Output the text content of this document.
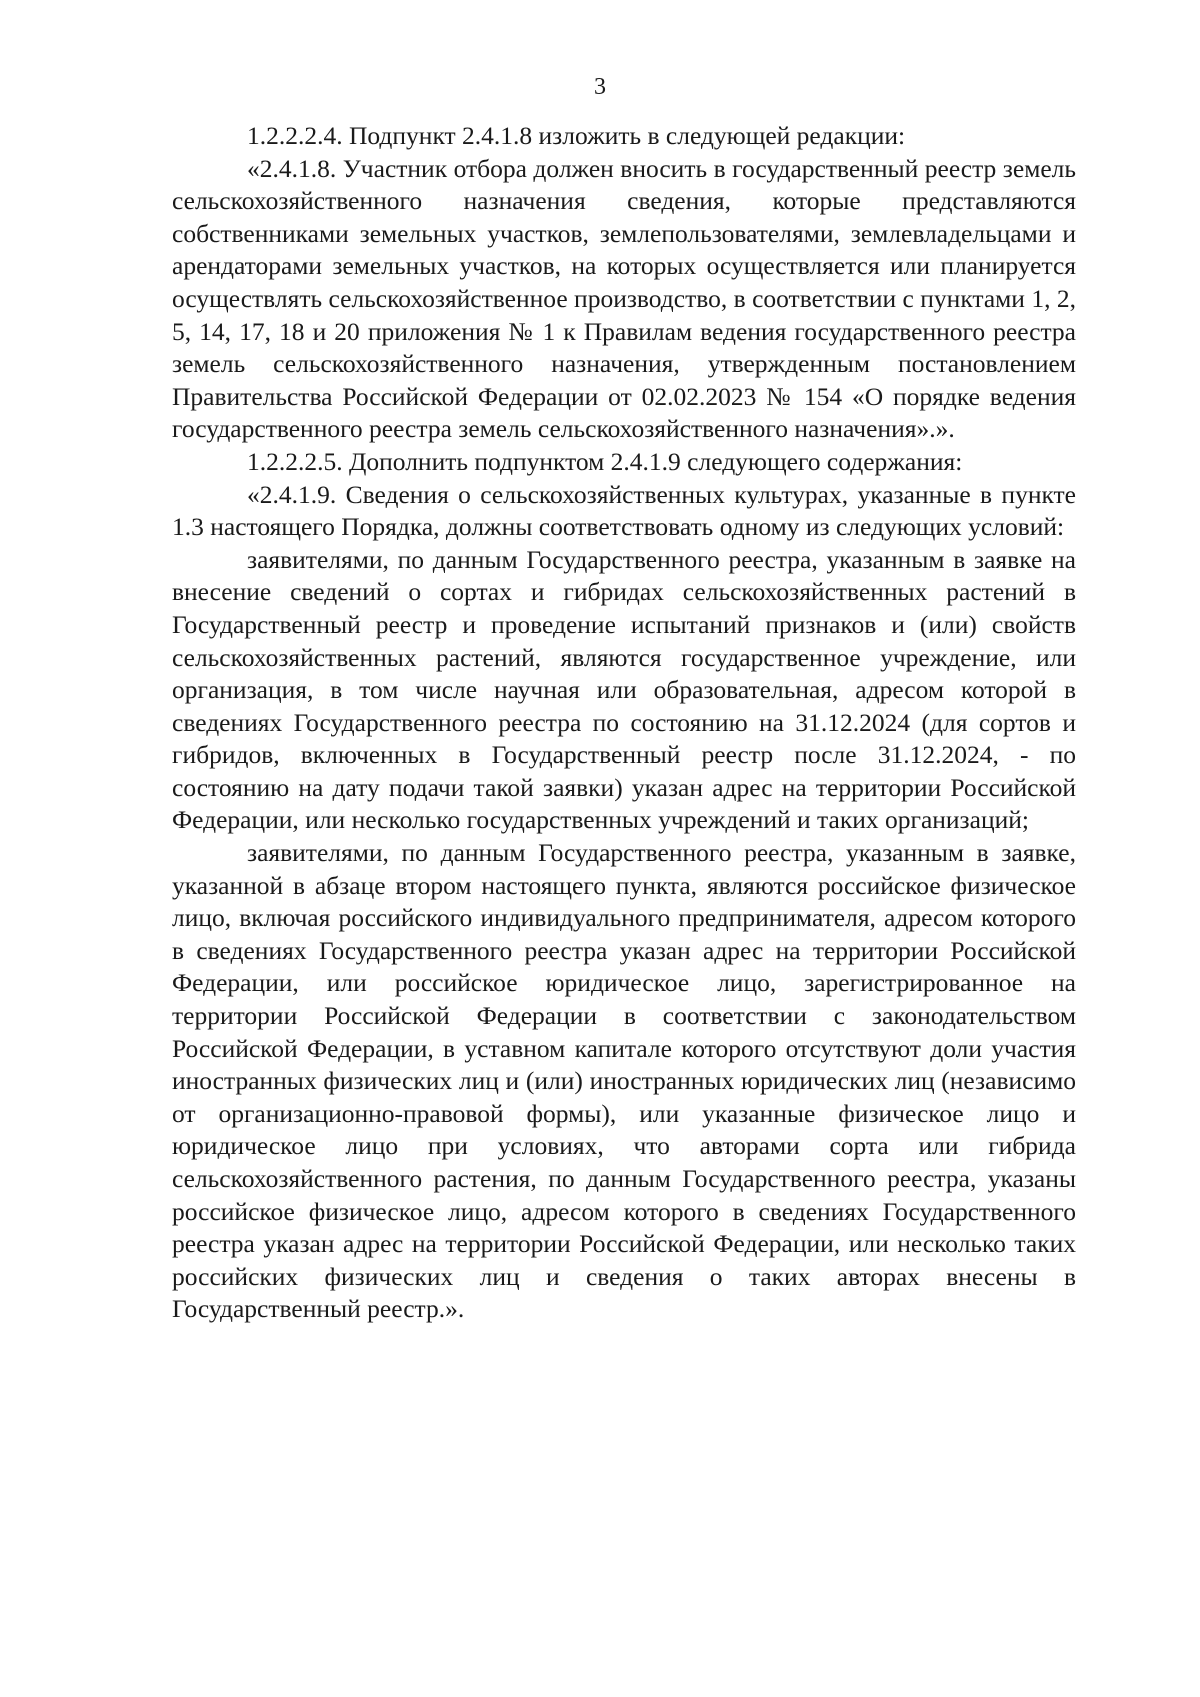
3

1.2.2.2.4. Подпункт 2.4.1.8 изложить в следующей редакции:

«2.4.1.8. Участник отбора должен вносить в государственный реестр земель сельскохозяйственного назначения сведения, которые представляются собственниками земельных участков, землепользователями, землевладельцами и арендаторами земельных участков, на которых осуществляется или планируется осуществлять сельскохозяйственное производство, в соответствии с пунктами 1, 2, 5, 14, 17, 18 и 20 приложения № 1 к Правилам ведения государственного реестра земель сельскохозяйственного назначения, утвержденным постановлением Правительства Российской Федерации от 02.02.2023 № 154 «О порядке ведения государственного реестра земель сельскохозяйственного назначения».».

1.2.2.2.5. Дополнить подпунктом 2.4.1.9 следующего содержания:

«2.4.1.9. Сведения о сельскохозяйственных культурах, указанные в пункте 1.3 настоящего Порядка, должны соответствовать одному из следующих условий:

заявителями, по данным Государственного реестра, указанным в заявке на внесение сведений о сортах и гибридах сельскохозяйственных растений в Государственный реестр и проведение испытаний признаков и (или) свойств сельскохозяйственных растений, являются государственное учреждение, или организация, в том числе научная или образовательная, адресом которой в сведениях Государственного реестра по состоянию на 31.12.2024 (для сортов и гибридов, включенных в Государственный реестр после 31.12.2024, - по состоянию на дату подачи такой заявки) указан адрес на территории Российской Федерации, или несколько государственных учреждений и таких организаций;

заявителями, по данным Государственного реестра, указанным в заявке, указанной в абзаце втором настоящего пункта, являются российское физическое лицо, включая российского индивидуального предпринимателя, адресом которого в сведениях Государственного реестра указан адрес на территории Российской Федерации, или российское юридическое лицо, зарегистрированное на территории Российской Федерации в соответствии с законодательством Российской Федерации, в уставном капитале которого отсутствуют доли участия иностранных физических лиц и (или) иностранных юридических лиц (независимо от организационно-правовой формы), или указанные физическое лицо и юридическое лицо при условиях, что авторами сорта или гибрида сельскохозяйственного растения, по данным Государственного реестра, указаны российское физическое лицо, адресом которого в сведениях Государственного реестра указан адрес на территории Российской Федерации, или несколько таких российских физических лиц и сведения о таких авторах внесены в Государственный реестр.».
